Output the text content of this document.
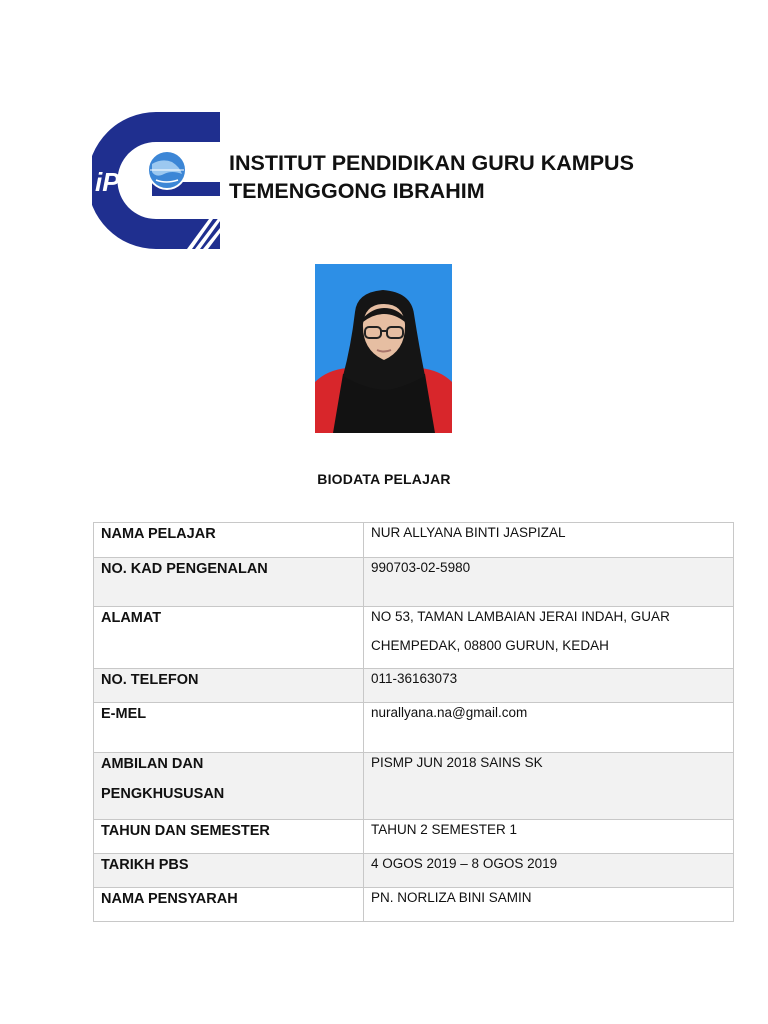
iPG
INSTITUT PENDIDIKAN GURU KAMPUS
TEMENGGONG IBRAHIM
BIODATA PELAJAR
NAMA PELAJAR	NUR ALLYANA BINTI JASPIZAL

NO. KAD PENGENALAN	990703-02-5980

ALAMAT	NO 53, TAMAN LAMBAIAN JERAI INDAH, GUAR
CHEMPEDAK, 08800 GURUN, KEDAH

NO. TELEFON	011-36163073

E-MEL	nurallyana.na@gmail.com

AMBILAN DAN
PENGKHUSUSAN	PISMP JUN 2018 SAINS SK

TAHUN DAN SEMESTER	TAHUN 2 SEMESTER 1

TARIKH PBS	4 OGOS 2019 – 8 OGOS 2019

NAMA PENSYARAH	PN. NORLIZA BINI SAMIN
